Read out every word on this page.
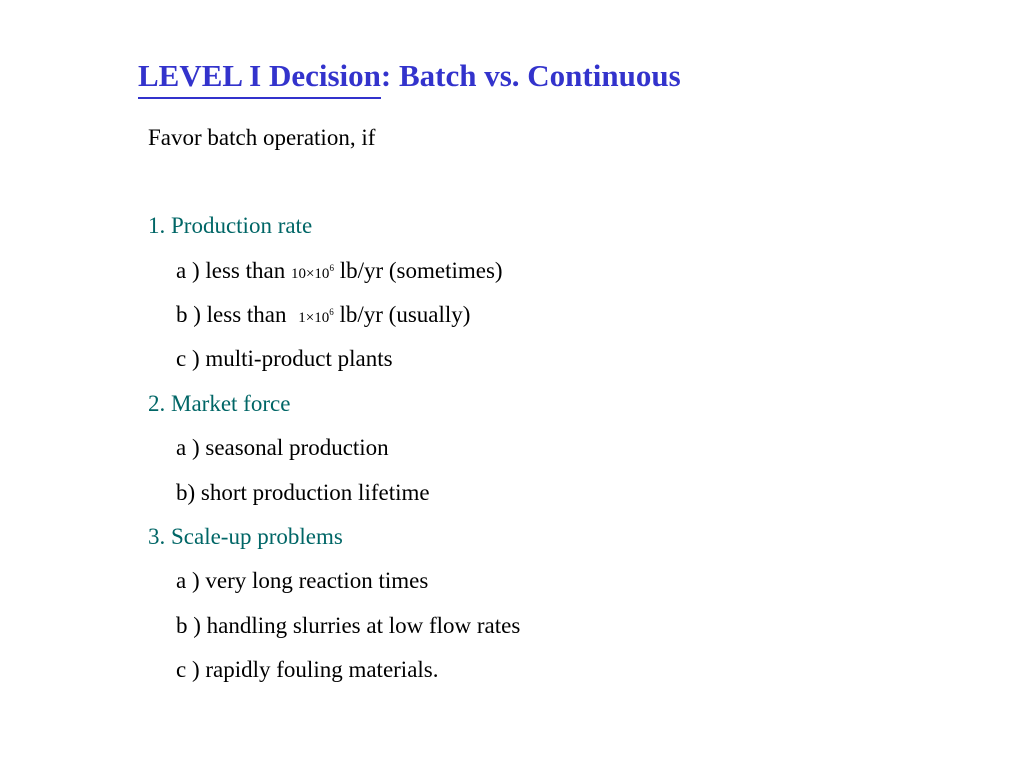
LEVEL I Decision: Batch vs. Continuous
Favor batch operation, if
1. Production rate
a ) less than $10\times 10^6$ lb/yr (sometimes)
b ) less than $1\times 10^6$ lb/yr (usually)
c ) multi-product plants
2. Market force
a ) seasonal production
b) short production lifetime
3. Scale-up problems
a ) very long reaction times
b ) handling slurries at low flow rates
c ) rapidly fouling materials.
